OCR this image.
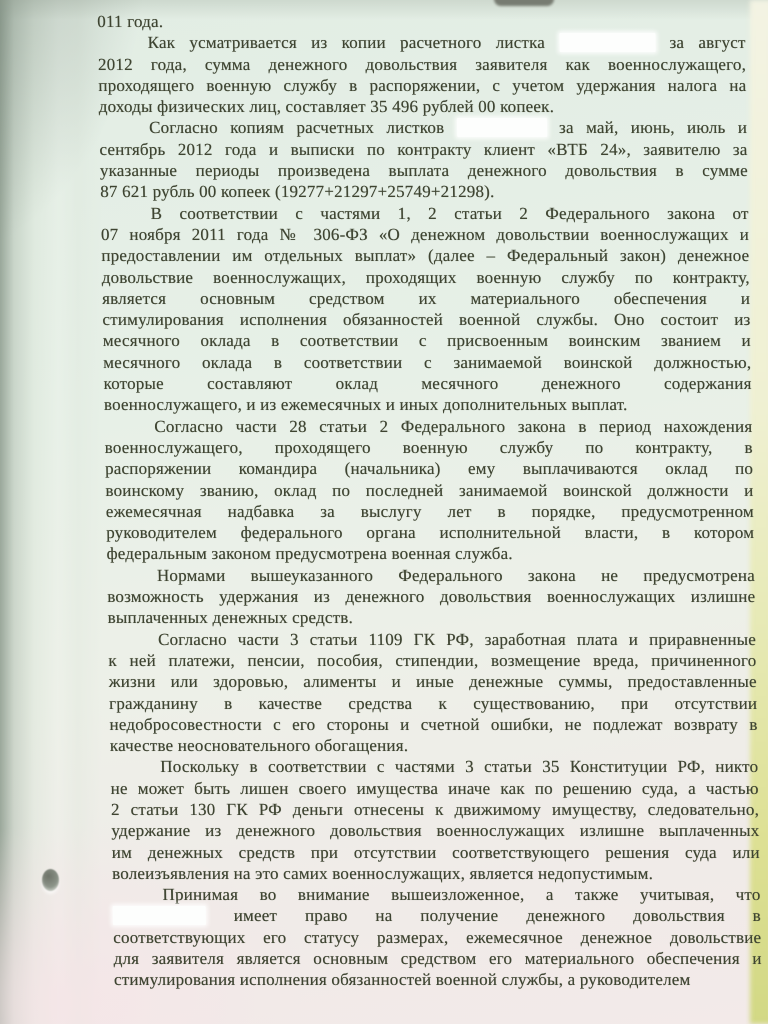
011 года.
Как усматривается из копии расчетного листка	за август
2012 года, сумма денежного довольствия заявителя как военнослужащего,
проходящего военную службу в распоряжении, с учетом удержания налога на
доходы физических лиц, составляет 35 496 рублей 00 копеек.
Согласно копиям расчетных листков	за май, июнь, июль и
сентябрь 2012 года и выписки по контракту клиент «ВТБ 24», заявителю за
указанные периоды произведена выплата денежного довольствия в сумме
87 621 рубль 00 копеек (19277+21297+25749+21298).
В соответствии с частями 1, 2 статьи 2 Федерального закона от
07 ноября 2011 года № 306-ФЗ «О денежном довольствии военнослужащих и
предоставлении им отдельных выплат» (далее – Федеральный закон) денежное
довольствие военнослужащих, проходящих военную службу по контракту,
является основным средством их материального обеспечения и
стимулирования исполнения обязанностей военной службы. Оно состоит из
месячного оклада в соответствии с присвоенным воинским званием и
месячного оклада в соответствии с занимаемой воинской должностью,
которые составляют оклад месячного денежного содержания
военнослужащего, и из ежемесячных и иных дополнительных выплат.
Согласно части 28 статьи 2 Федерального закона в период нахождения
военнослужащего, проходящего военную службу по контракту, в
распоряжении командира (начальника) ему выплачиваются оклад по
воинскому званию, оклад по последней занимаемой воинской должности и
ежемесячная надбавка за выслугу лет в порядке, предусмотренном
руководителем федерального органа исполнительной власти, в котором
федеральным законом предусмотрена военная служба.
Нормами вышеуказанного Федерального закона не предусмотрена
возможность удержания из денежного довольствия военнослужащих излишне
выплаченных денежных средств.
Согласно части 3 статьи 1109 ГК РФ, заработная плата и приравненные
к ней платежи, пенсии, пособия, стипендии, возмещение вреда, причиненного
жизни или здоровью, алименты и иные денежные суммы, предоставленные
гражданину в качестве средства к существованию, при отсутствии
недобросовестности с его стороны и счетной ошибки, не подлежат возврату в
качестве неосновательного обогащения.
Поскольку в соответствии с частями 3 статьи 35 Конституции РФ, никто
не может быть лишен своего имущества иначе как по решению суда, а частью
2 статьи 130 ГК РФ деньги отнесены к движимому имуществу, следовательно,
удержание из денежного довольствия военнослужащих излишне выплаченных
им денежных средств при отсутствии соответствующего решения суда или
волеизъявления на это самих военнослужащих, является недопустимым.
Принимая во внимание вышеизложенное, а также учитывая, что
имеет право на получение денежного довольствия в
соответствующих его статусу размерах, ежемесячное денежное довольствие
для заявителя является основным средством его материального обеспечения и
стимулирования исполнения обязанностей военной службы, а руководителем
